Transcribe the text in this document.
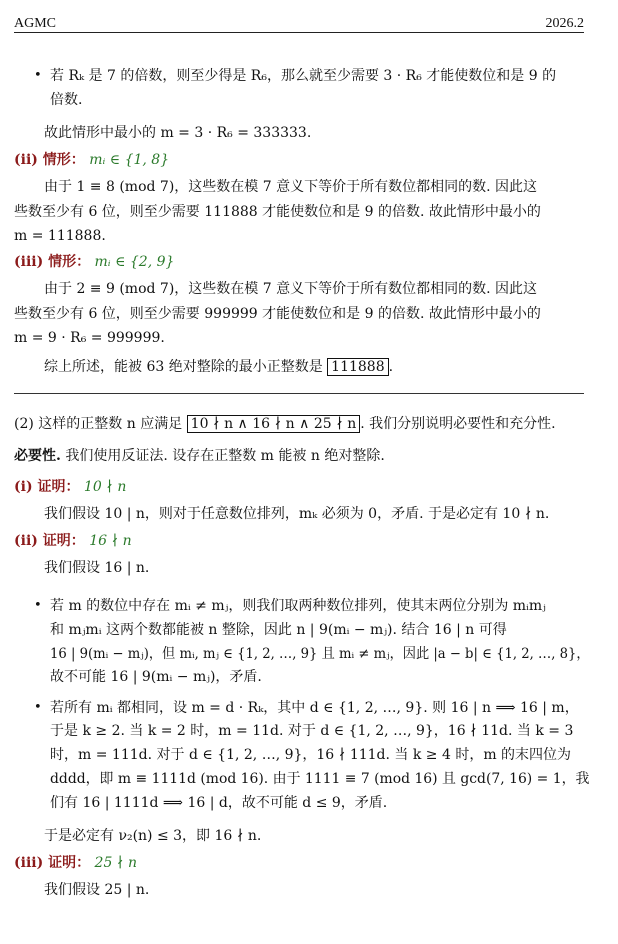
AGMC	2026.2
• 若 Rₖ 是 7 的倍数，则至少得是 R₆，那么就至少需要 3 · R₆ 才能使数位和是 9 的
倍数.
故此情形中最小的 m = 3 · R₆ = 333333.
(ii) 情形： mᵢ ∈ {1, 8}
由于 1 ≡ 8 (mod 7)，这些数在模 7 意义下等价于所有数位都相同的数. 因此这
些数至少有 6 位，则至少需要 111888 才能使数位和是 9 的倍数. 故此情形中最小的
m = 111888.
(iii) 情形： mᵢ ∈ {2, 9}
由于 2 ≡ 9 (mod 7)，这些数在模 7 意义下等价于所有数位都相同的数. 因此这
些数至少有 6 位，则至少需要 999999 才能使数位和是 9 的倍数. 故此情形中最小的
m = 9 · R₆ = 999999.
综上所述，能被 63 绝对整除的最小正整数是 111888 .
(2) 这样的正整数 n 应满足 10 ∤ n ∧ 16 ∤ n ∧ 25 ∤ n . 我们分别说明必要性和充分性.
必要性. 我们使用反证法. 设存在正整数 m 能被 n 绝对整除.
(i) 证明： 10 ∤ n
我们假设 10 | n，则对于任意数位排列，mₖ 必须为 0，矛盾. 于是必定有 10 ∤ n.
(ii) 证明： 16 ∤ n
我们假设 16 | n.
• 若 m 的数位中存在 mᵢ ≠ mⱼ，则我们取两种数位排列，使其末两位分别为 mᵢmⱼ
和 mⱼmᵢ 这两个数都能被 n 整除，因此 n | 9(mᵢ − mⱼ). 结合 16 | n 可得
16 | 9(mᵢ − mⱼ)，但 mᵢ, mⱼ ∈ {1, 2, …, 9} 且 mᵢ ≠ mⱼ，因此 |a − b| ∈ {1, 2, …, 8}，
故不可能 16 | 9(mᵢ − mⱼ)，矛盾.
• 若所有 mᵢ 都相同，设 m = d · Rₖ，其中 d ∈ {1, 2, …, 9}. 则 16 | n ⟹ 16 | m，
于是 k ≥ 2. 当 k = 2 时，m = 11d. 对于 d ∈ {1, 2, …, 9}，16 ∤ 11d. 当 k = 3
时，m = 111d. 对于 d ∈ {1, 2, …, 9}，16 ∤ 111d. 当 k ≥ 4 时，m 的末四位为
dddd，即 m ≡ 1111d (mod 16). 由于 1111 ≡ 7 (mod 16) 且 gcd(7, 16) = 1，我
们有 16 | 1111d ⟹ 16 | d，故不可能 d ≤ 9，矛盾.
于是必定有 ν₂(n) ≤ 3，即 16 ∤ n.
(iii) 证明： 25 ∤ n
我们假设 25 | n.
